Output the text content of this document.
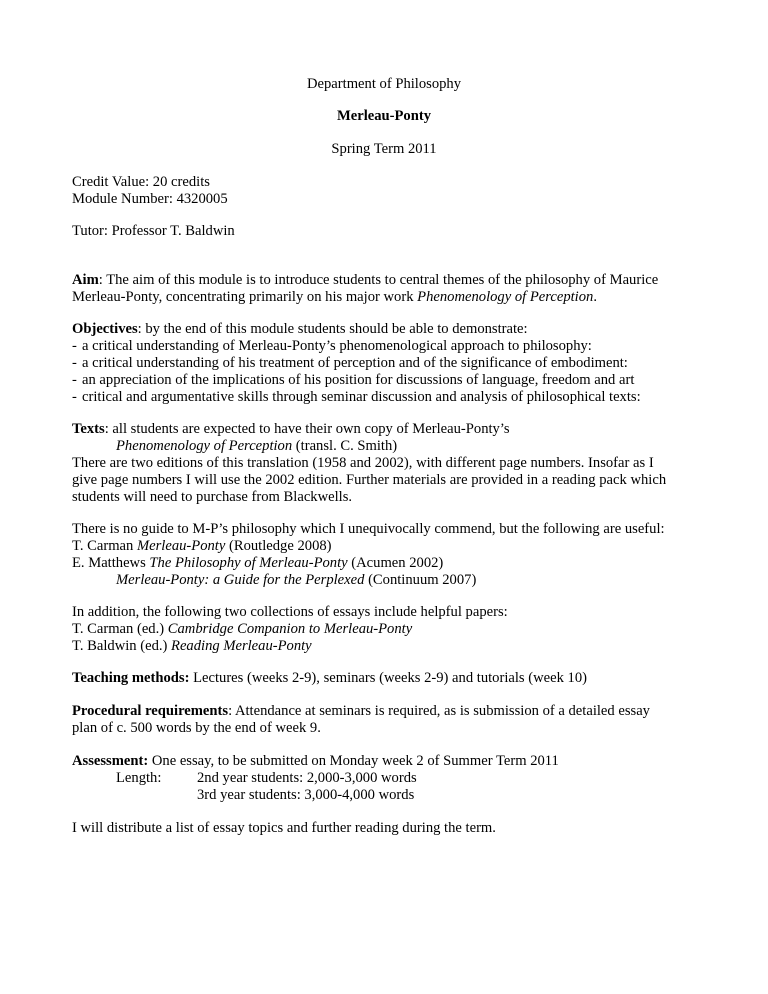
Department of Philosophy
Merleau-Ponty
Spring Term 2011
Credit Value: 20 credits
Module Number: 4320005
Tutor: Professor T. Baldwin
Aim: The aim of this module is to introduce students to central themes of the philosophy of Maurice
Merleau-Ponty, concentrating primarily on his major work Phenomenology of Perception.
Objectives: by the end of this module students should be able to demonstrate:
- a critical understanding of Merleau-Ponty’s phenomenological approach to philosophy:
- a critical understanding of his treatment of perception and of the significance of embodiment:
- an appreciation of the implications of his position for discussions of language, freedom and art
- critical and argumentative skills through seminar discussion and analysis of philosophical texts:
Texts: all students are expected to have their own copy of Merleau-Ponty’s
Phenomenology of Perception (transl. C. Smith)
There are two editions of this translation (1958 and 2002), with different page numbers. Insofar as I
give page numbers I will use the 2002 edition. Further materials are provided in a reading pack which
students will need to purchase from Blackwells.
There is no guide to M-P’s philosophy which I unequivocally commend, but the following are useful:
T. Carman Merleau-Ponty (Routledge 2008)
E. Matthews The Philosophy of Merleau-Ponty (Acumen 2002)
Merleau-Ponty: a Guide for the Perplexed (Continuum 2007)
In addition, the following two collections of essays include helpful papers:
T. Carman (ed.) Cambridge Companion to Merleau-Ponty
T. Baldwin (ed.) Reading Merleau-Ponty
Teaching methods: Lectures (weeks 2-9), seminars (weeks 2-9) and tutorials (week 10)
Procedural requirements: Attendance at seminars is required, as is submission of a detailed essay
plan of c. 500 words by the end of week 9.
Assessment: One essay, to be submitted on Monday week 2 of Summer Term 2011
Length: 2nd year students: 2,000-3,000 words
3rd year students: 3,000-4,000 words
I will distribute a list of essay topics and further reading during the term.
